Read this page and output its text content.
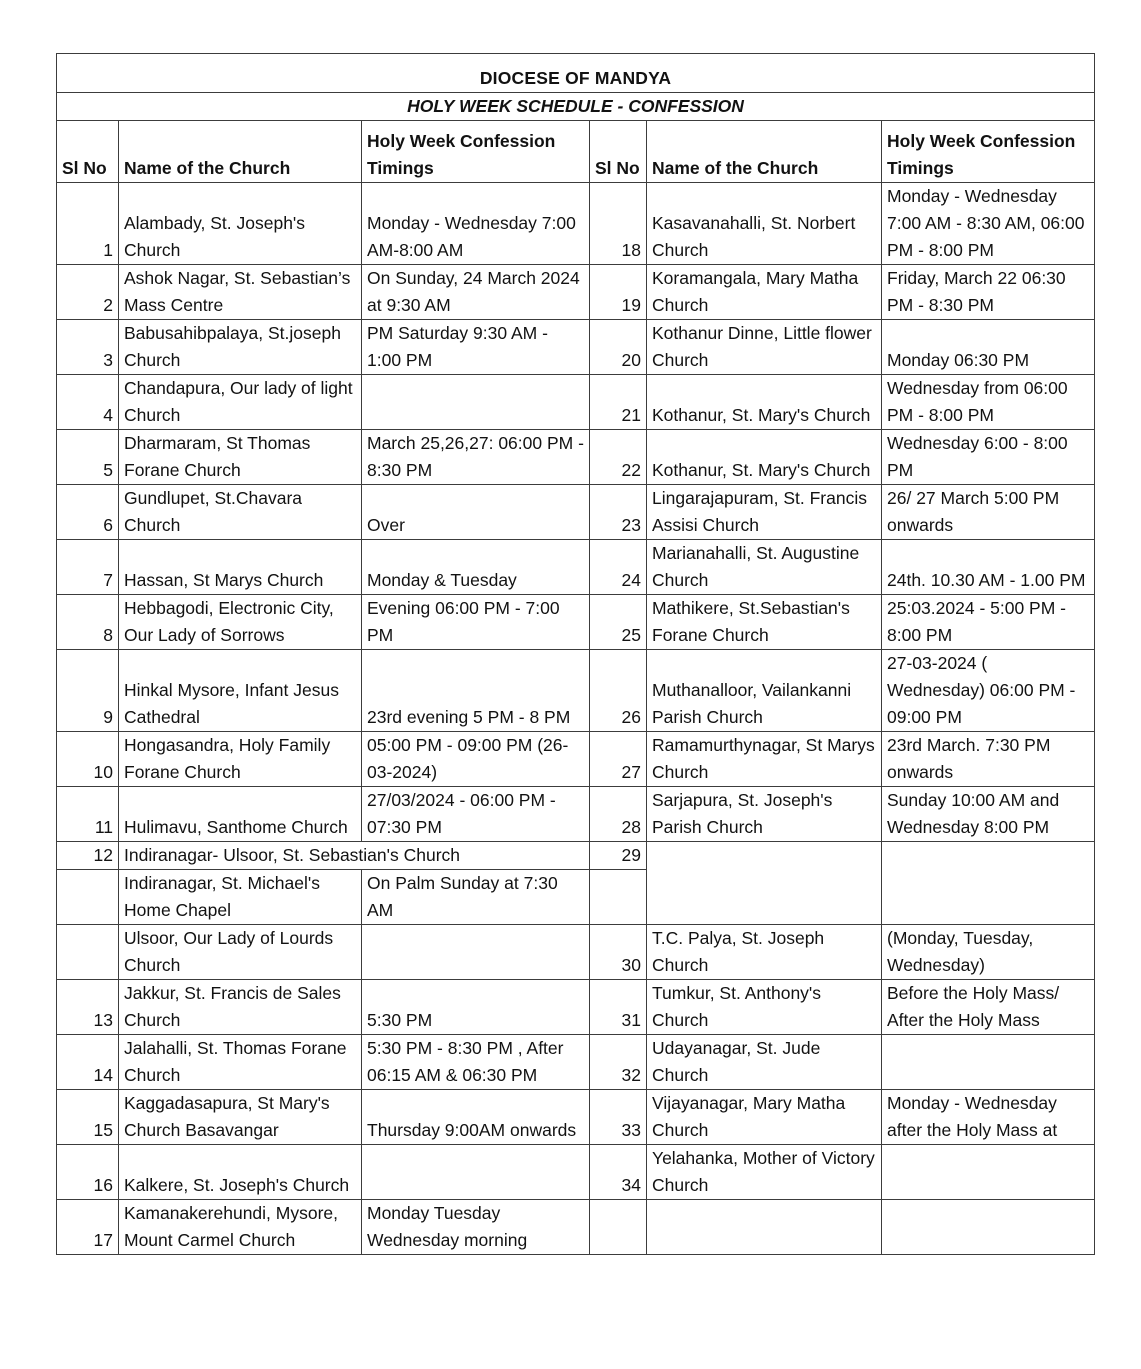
DIOCESE OF MANDYA					
HOLY WEEK SCHEDULE - CONFESSION					
Sl No	Name of the Church	Holy Week Confession Timings	Sl No	Name of the Church	Holy Week Confession Timings
1	Alambady, St. Joseph's Church	Monday - Wednesday 7:00 AM-8:00 AM	18	Kasavanahalli, St. Norbert Church	Monday - Wednesday 7:00 AM - 8:30 AM, 06:00 PM - 8:00 PM
2	Ashok Nagar, St. Sebastian’s Mass Centre	On Sunday, 24 March 2024 at 9:30 AM	19	Koramangala, Mary Matha Church	Friday, March 22 06:30 PM - 8:30 PM
3	Babusahibpalaya, St.joseph Church	PM Saturday 9:30 AM - 1:00 PM	20	Kothanur Dinne, Little flower Church	Monday 06:30 PM
4	Chandapura, Our lady of light Church		21	Kothanur, St. Mary's Church	Wednesday from 06:00 PM - 8:00 PM
5	Dharmaram, St Thomas Forane Church	March 25,26,27: 06:00 PM - 8:30 PM	22	Kothanur, St. Mary's Church	Wednesday 6:00 - 8:00 PM
6	Gundlupet, St.Chavara Church	Over	23	Lingarajapuram, St. Francis Assisi Church	26/ 27 March 5:00 PM onwards
7	Hassan, St Marys Church	Monday & Tuesday	24	Marianahalli, St. Augustine Church	24th. 10.30 AM - 1.00 PM
8	Hebbagodi, Electronic City, Our Lady of Sorrows	Evening 06:00 PM - 7:00 PM	25	Mathikere, St.Sebastian's Forane Church	25:03.2024 - 5:00 PM - 8:00 PM
9	Hinkal Mysore, Infant Jesus Cathedral	23rd evening 5 PM - 8 PM	26	Muthanalloor, Vailankanni Parish Church	27-03-2024 ( Wednesday) 06:00 PM - 09:00 PM
10	Hongasandra, Holy Family Forane Church	05:00 PM - 09:00 PM (26-03-2024)	27	Ramamurthynagar, St Marys Church	23rd March. 7:30 PM onwards
11	Hulimavu, Santhome Church	27/03/2024 - 06:00 PM - 07:30 PM	28	Sarjapura, St. Joseph's Parish Church	Sunday 10:00 AM and Wednesday 8:00 PM
12	Indiranagar- Ulsoor, St. Sebastian's Church		29		
	Indiranagar, St. Michael's Home Chapel	On Palm Sunday at 7:30 AM			
	Ulsoor, Our Lady of Lourds Church		30	T.C. Palya, St. Joseph Church	(Monday, Tuesday, Wednesday)
13	Jakkur, St. Francis de Sales Church	5:30 PM	31	Tumkur, St. Anthony's Church	Before the Holy Mass/ After the Holy Mass
14	Jalahalli, St. Thomas Forane Church	5:30 PM - 8:30 PM , After 06:15 AM & 06:30 PM	32	Udayanagar, St. Jude Church	
15	Kaggadasapura, St Mary's Church Basavangar	Thursday 9:00AM onwards	33	Vijayanagar, Mary Matha Church	Monday - Wednesday after the Holy Mass at
16	Kalkere, St. Joseph's Church		34	Yelahanka, Mother of Victory Church	
17	Kamanakerehundi, Mysore, Mount Carmel Church	Monday Tuesday Wednesday morning			
